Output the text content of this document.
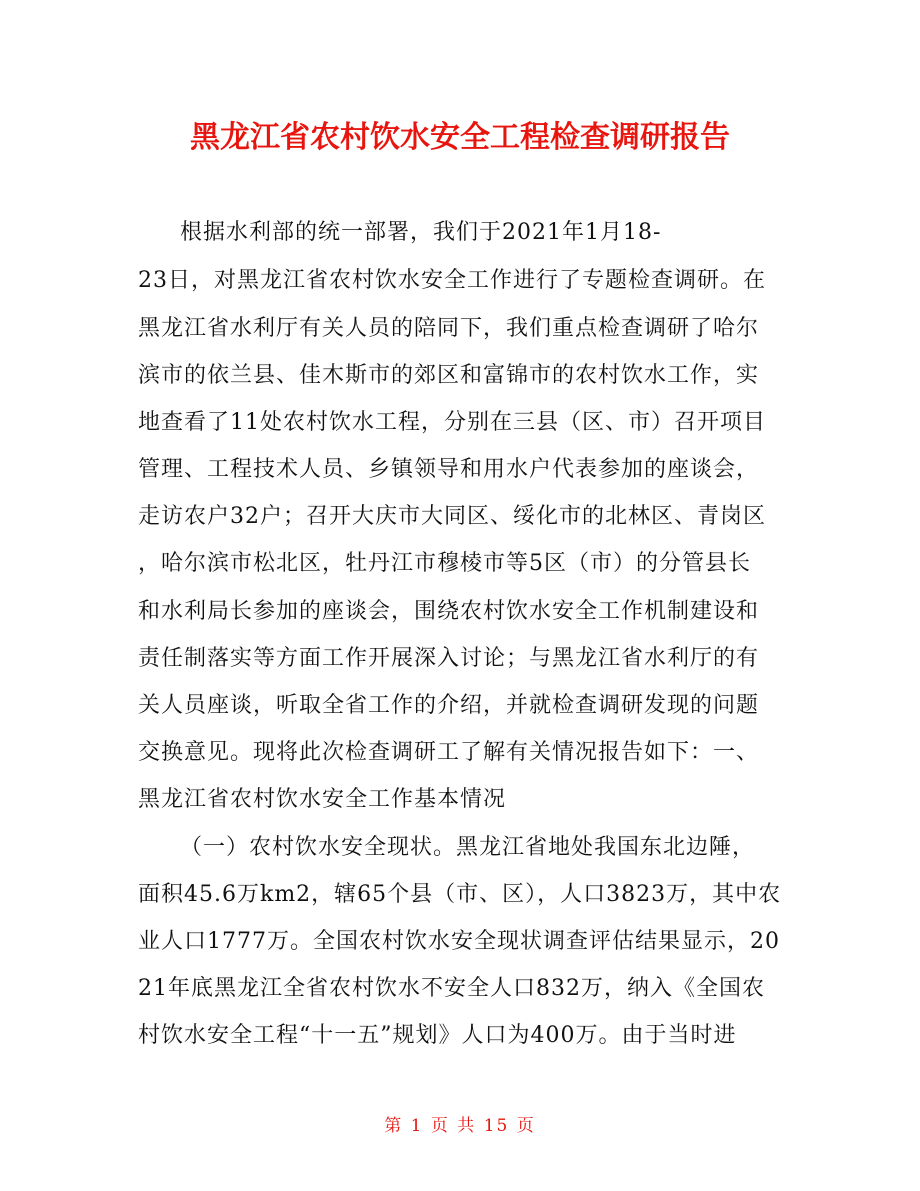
黑龙江省农村饮水安全工程检查调研报告
根据水利部的统一部署，我们于2021年1月18-
23日，对黑龙江省农村饮水安全工作进行了专题检查调研。在
黑龙江省水利厅有关人员的陪同下，我们重点检查调研了哈尔
滨市的依兰县、佳木斯市的郊区和富锦市的农村饮水工作，实
地查看了11处农村饮水工程，分别在三县（区、市）召开项目
管理、工程技术人员、乡镇领导和用水户代表参加的座谈会，
走访农户32户；召开大庆市大同区、绥化市的北林区、青岗区
，哈尔滨市松北区，牡丹江市穆棱市等5区（市）的分管县长
和水利局长参加的座谈会，围绕农村饮水安全工作机制建设和
责任制落实等方面工作开展深入讨论；与黑龙江省水利厅的有
关人员座谈，听取全省工作的介绍，并就检查调研发现的问题
交换意见。现将此次检查调研工了解有关情况报告如下：一、
黑龙江省农村饮水安全工作基本情况
（一）农村饮水安全现状。黑龙江省地处我国东北边陲，
面积45.6万km2，辖65个县（市、区），人口3823万，其中农
业人口1777万。全国农村饮水安全现状调查评估结果显示，20
21年底黑龙江全省农村饮水不安全人口832万，纳入《全国农
村饮水安全工程“十一五”规划》人口为400万。由于当时进
第 1 页 共 15 页
